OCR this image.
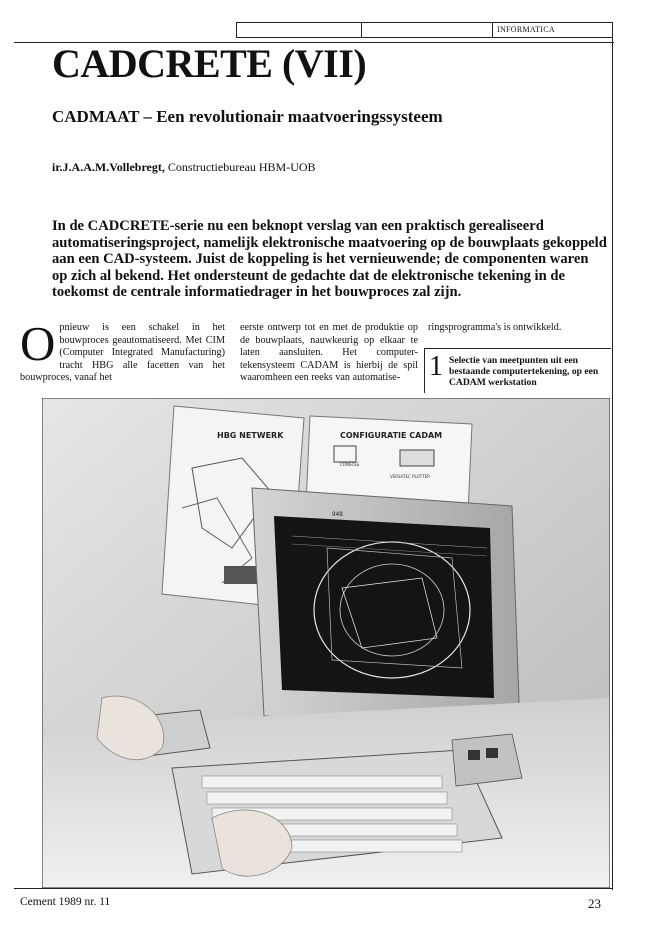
INFORMATICA
CADCRETE (VII)
CADMAAT – Een revolutionair maatvoeringssysteem
ir.J.A.A.M.Vollebregt, Constructiebureau HBM-UOB
In de CADCRETE-serie nu een beknopt verslag van een praktisch gerealiseerd automatiseringsproject, namelijk elektronische maatvoering op de bouwplaats gekoppeld aan een CAD-systeem. Juist de koppeling is het vernieuwende; de componenten waren op zich al bekend. Het ondersteunt de gedachte dat de elektronische tekening in de toekomst de centrale informatiedrager in het bouwproces zal zijn.
Opnieuw is een schakel in het bouwproces geautomatiseerd. Met CIM (Computer Integrated Manufacturing) tracht HBG alle facetten van het bouwproces, vanaf het
eerste ontwerp tot en met de produktie op de bouwplaats, nauwkeurig op elkaar te laten aansluiten. Het computer-tekensysteem CADAM is hierbij de spil waaromheen een reeks van automatise-
ringsprogramma's is ontwikkeld.
1 Selectie van meetpunten uit een bestaande computertekening, op een CADAM werkstation
HBG NETWERK	CONFIGURATIE CADAM
CONSOLE
VERSATEC PLOTTER
948
Cement 1989 nr. 11	23
